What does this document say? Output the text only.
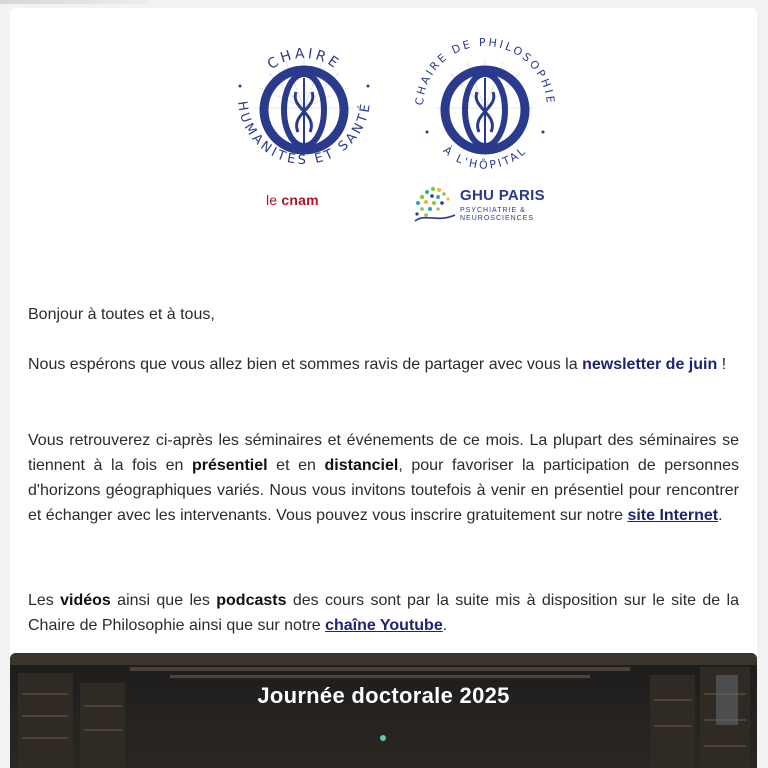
CHAIRE
HUMANITÉS ET SANTÉ
CHAIRE DE PHILOSOPHIE
À L'HÔPITAL
le cnam	GHU PARIS
PSYCHIATRIE &
NEUROSCIENCES
Bonjour à toutes et à tous,
Nous espérons que vous allez bien et sommes ravis de partager avec vous la newsletter de juin !
Vous retrouverez ci-après les séminaires et événements de ce mois. La plupart des séminaires se tiennent à la fois en présentiel et en distanciel, pour favoriser la participation de personnes d'horizons géographiques variés. Nous vous invitons toutefois à venir en présentiel pour rencontrer et échanger avec les intervenants. Vous pouvez vous inscrire gratuitement sur notre site Internet.
Les vidéos ainsi que les podcasts des cours sont par la suite mis à disposition sur le site de la Chaire de Philosophie ainsi que sur notre chaîne Youtube.
Journée doctorale 2025
